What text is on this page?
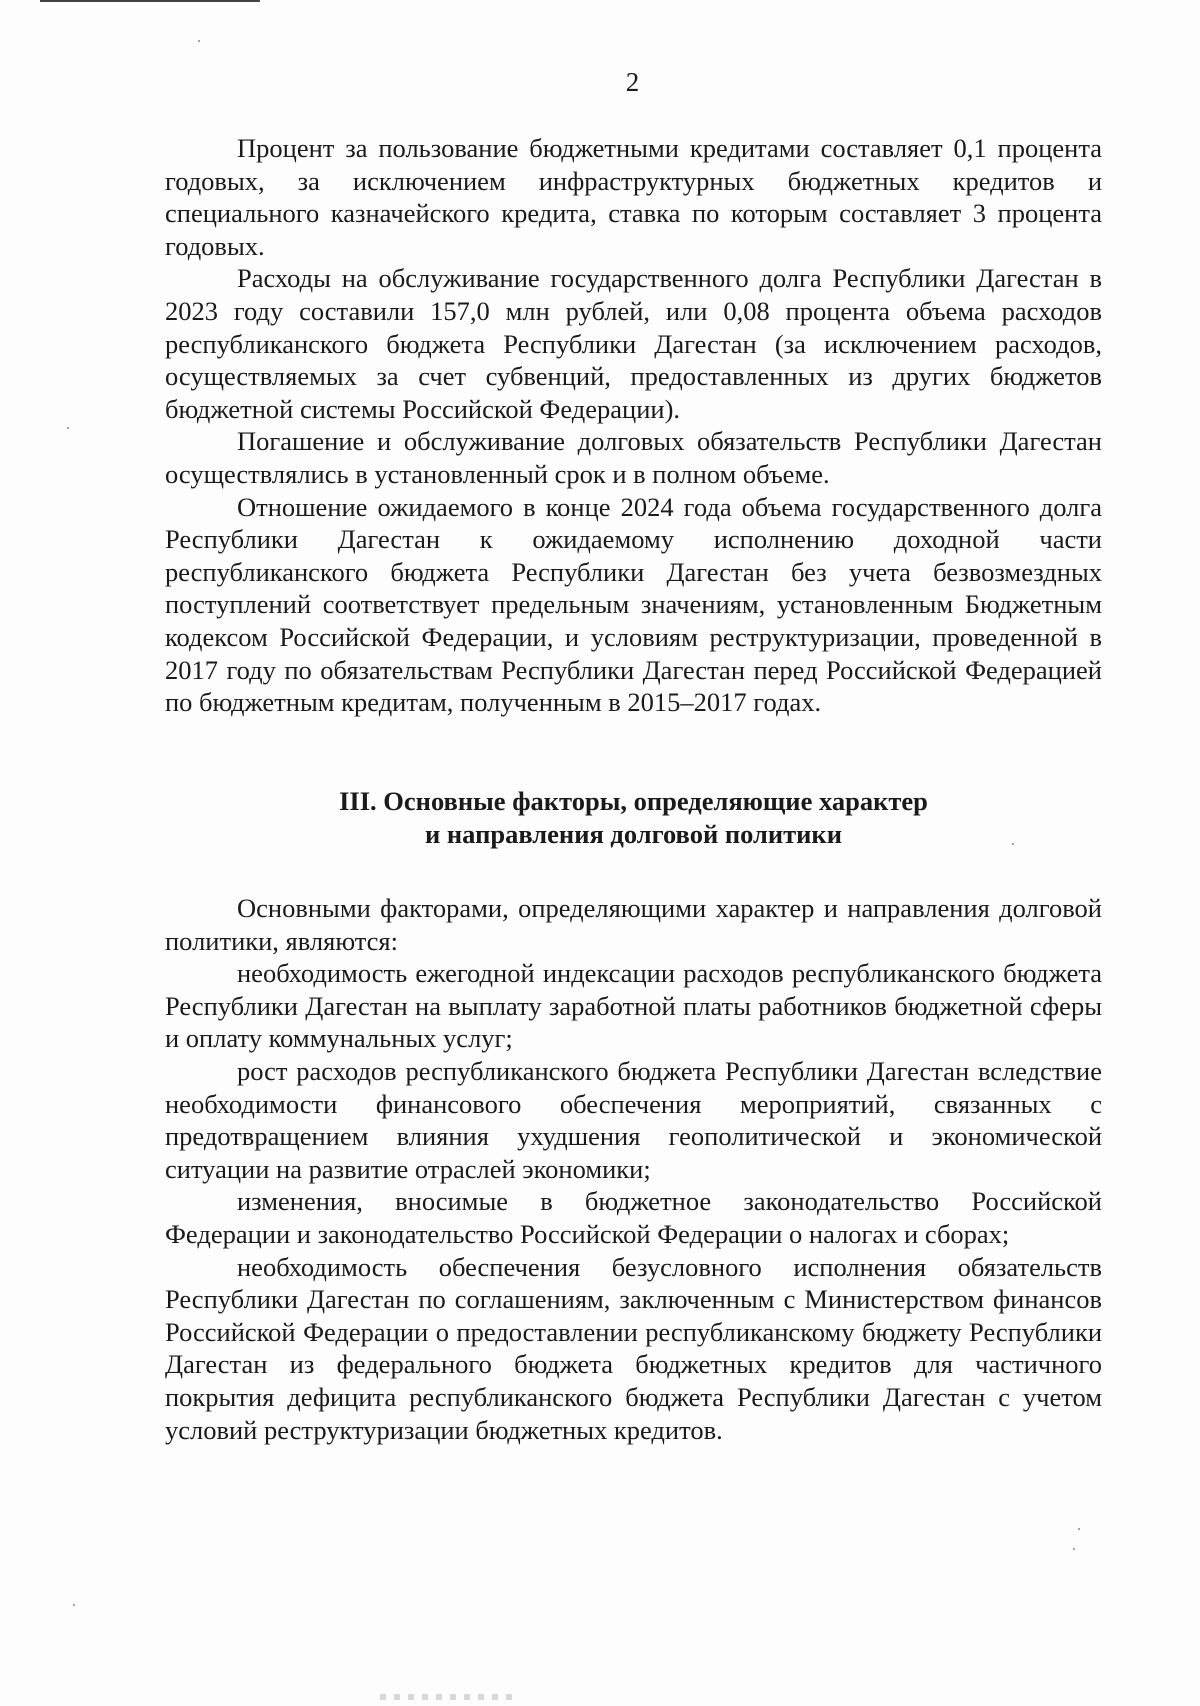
2

Процент за пользование бюджетными кредитами составляет 0,1 процента годовых, за исключением инфраструктурных бюджетных кредитов и специального казначейского кредита, ставка по которым составляет 3 процента годовых.

Расходы на обслуживание государственного долга Республики Дагестан в 2023 году составили 157,0 млн рублей, или 0,08 процента объема расходов республиканского бюджета Республики Дагестан (за исключением расходов, осуществляемых за счет субвенций, предоставленных из других бюджетов бюджетной системы Российской Федерации).

Погашение и обслуживание долговых обязательств Республики Дагестан осуществлялись в установленный срок и в полном объеме.

Отношение ожидаемого в конце 2024 года объема государственного долга Республики Дагестан к ожидаемому исполнению доходной части республиканского бюджета Республики Дагестан без учета безвозмездных поступлений соответствует предельным значениям, установленным Бюджетным кодексом Российской Федерации, и условиям реструктуризации, проведенной в 2017 году по обязательствам Республики Дагестан перед Российской Федерацией по бюджетным кредитам, полученным в 2015–2017 годах.

III. Основные факторы, определяющие характер
и направления долговой политики

Основными факторами, определяющими характер и направления долговой политики, являются:

необходимость ежегодной индексации расходов республиканского бюджета Республики Дагестан на выплату заработной платы работников бюджетной сферы и оплату коммунальных услуг;

рост расходов республиканского бюджета Республики Дагестан вследствие необходимости финансового обеспечения мероприятий, связанных с предотвращением влияния ухудшения геополитической и экономической ситуации на развитие отраслей экономики;

изменения, вносимые в бюджетное законодательство Российской Федерации и законодательство Российской Федерации о налогах и сборах;

необходимость обеспечения безусловного исполнения обязательств Республики Дагестан по соглашениям, заключенным с Министерством финансов Российской Федерации о предоставлении республиканскому бюджету Республики Дагестан из федерального бюджета бюджетных кредитов для частичного покрытия дефицита республиканского бюджета Республики Дагестан с учетом условий реструктуризации бюджетных кредитов.
